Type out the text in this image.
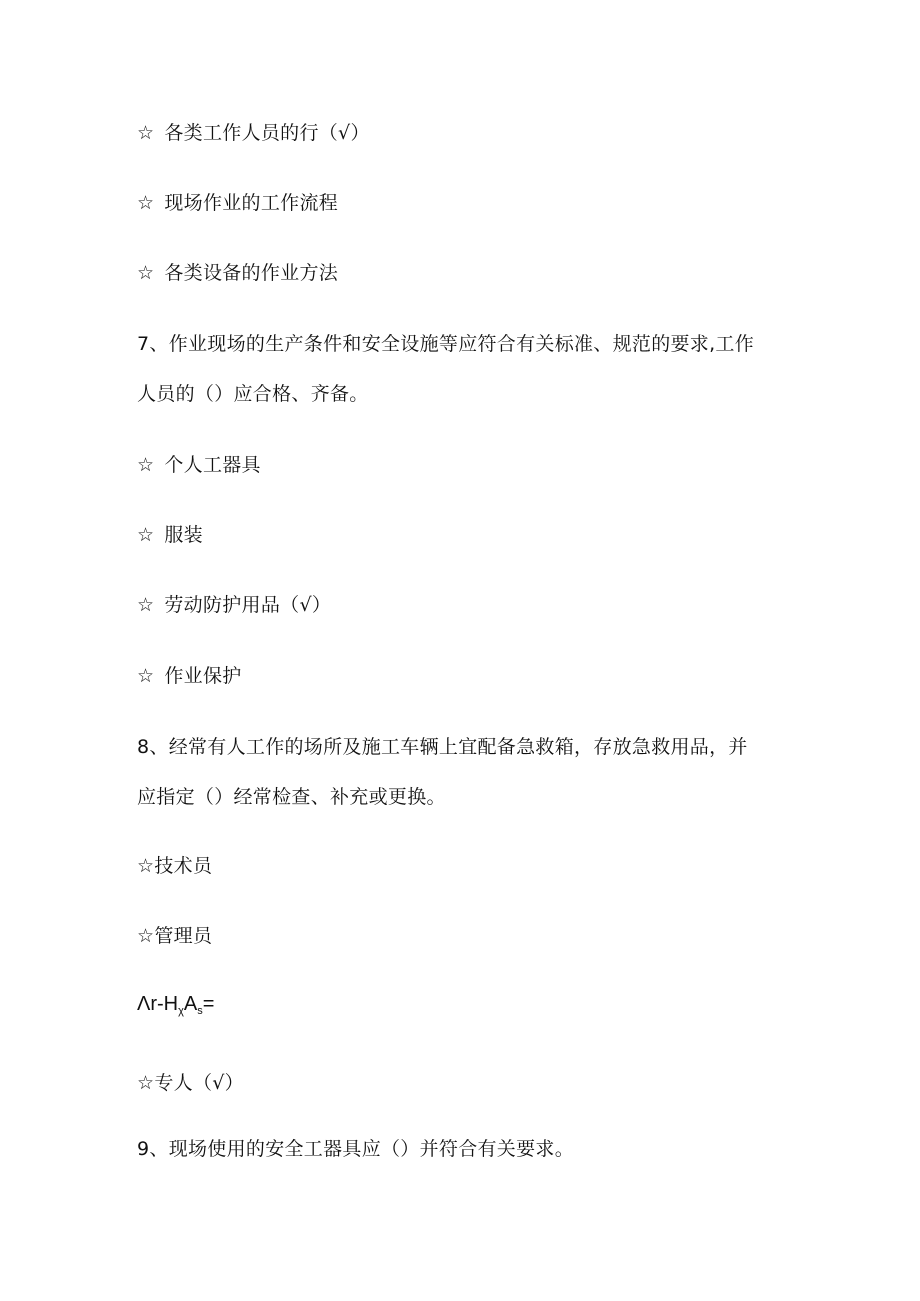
☆ 各类工作人员的行（√）
☆ 现场作业的工作流程
☆ 各类设备的作业方法
7、作业现场的生产条件和安全设施等应符合有关标准、规范的要求,工作
人员的（）应合格、齐备。
☆ 个人工器具
☆ 服装
☆ 劳动防护用品（√）
☆ 作业保护
8、经常有人工作的场所及施工车辆上宜配备急救箱，存放急救用品，并
应指定（）经常检查、补充或更换。
☆技术员
☆管理员
$\Lambda r-H_\chi A_s=$
☆专人（√）
9、现场使用的安全工器具应（）并符合有关要求。
